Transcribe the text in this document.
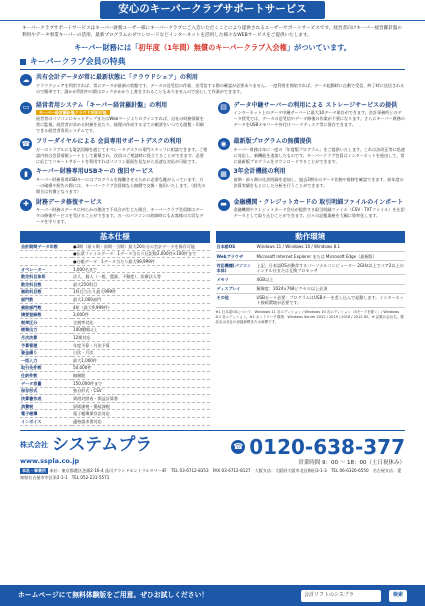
安心のキーパークラブサポートサービス
キーパークラブサポートサービスはキーパー財務ユーザー様にキーパークラブにご入会いただくことにより提供されるユーザーサポートサービスです。経営者向けキーパー経営羅針盤の利用やデータ事業キーパーの活用、最新プログラムのダウンロードなどインターネットを活用した様々なWEBサービスをご提供いたします。
キーパー財務には「初年度（1年間）無償のキーパークラブ入会権」がついています。
キーパークラブ会員の特典
☁	共有会計データが常に最新状態に「クラウドシェア」の利用
クラウドシェアを利用すれば、常にデータが最新の状態です。データの送受信の作業、送受信する際の確認が必要ありません。一度利用を開始すれば、データ起動時に自動で受信、終了時に送信されるので簡単です。誰かが利用中の際はロックがかかり上書きされることもありませんので安心して作業ができます。
▭	経営者用システム「キーパー経営羅針盤」の利用
キーパー経営羅針盤クラウド利用可能
経営者のパソコンにセットアップまたはWebページよりログインすれば、自社の財務情報を常に監視。経営者が求める財務を見たり、経理の作成する全ての帳票をいつでも閲覧・印刷できる経営者専用システムです。
▤	データ中継サーバーの利用による ストレージサービスの提供
インターネット上のデータ中継サーバーに最大10データ保存ができます。会計事務所とのデータ授受では、データの送受信やデータ修復の作業が不要になります。さらにキーパー財務のデータをUSBメモリーや外付けハードディスク等に保存できます。
☎ フリーダイヤルによる 会員専用サポートデスクの利用
万一のトラブルにも電話回線を通じてオペレータデスクの専門スタッフに相談できます。ご相談内容は会員情報シートとして蓄積され、次回のご相談時に役立てることができます。必要に応じてリモートサポートを利用すればパソコン画面を見ながら迅速な対応が可能です。
◉	最新版プログラムの無償提供
キーパー財務は年に一度の「年度版プログラム」をご提供いたします。これは法改正等に迅速に対応し、新機能を追加したものです。キーパークラブ会員はインターネットを経由して、常に最新版プログラムをダウンロードすることができます。
▮	キーパー財務専用USBキーの 復旧サービス
キーパー財務専用USBキーにはプログラムを稼働させるために必要な鍵が入っています。万一の破損や紛失の際には、キーパークラブ会員様なら無償で交換・復旧いたします。（紛失の場合は有償となります）
▦	3年会計機能の利用
前期・前々期の仕訳明細を追加し、過去3期分のデータ比較や推移を確認できます。前年度の決算実績をもとにした分析を行うことができます。
✚	財務データ修復サービス
キーパー財務のデータに何らかの理由で不具合が生じた場合、キーパークラブ会員様はデータの修復サービスを受けることができます。万一のパソコンの故障時にもお客様の大切なデータを守ります。
▬	金融機関・クレジットカードの 取引明細ファイルのインポート
金融機関やクレジットカード会社が提供する取引明細ファイル（CSV・TXTファイル）を仕訳データとして取り込むことができます。日々の記帳業務を大幅に効率化します。
基本仕様	動作環境
会計期間データ年数	●3期（前々期・前期・当期）最大20年分の会計データを保存可能
	●伝票ファイルデータ：1データ当たり仕訳数2,000件×100件まで
	●台帳データ：1データ当たり最大99,999件
オペレーター	1,000名まで
勘定科目体系	法人、個人（一般、農業、不動産）、医療法人等
勘定科目数	最大250科目
補助科目数	1科目当たり最大999件
部門数	最大1,000部門
補助部門数	4桁（最大9,999件）
摘要登録数	3,000件
税率区分	全税率対応
帳票出力	100種類以上
月次決算	12期対応
予算管理	年度予算・月次予算
資金繰り	日次・月次
一括入力	最大1,000件
取引先件数	50,000件
仕訳件数	無制限
データ容量	150,000件まで
保存形式	独自形式・CSV
決算書作成	貸借対照表・損益計算書
消費税	原則課税・簡易課税
電子帳簿	電子帳簿保存法対応
インボイス	適格請求書対応
日本語OS	Windows 11 / Windows 10 / Windows 8.1
Webブラウザ	Microsoft Internet Explorer または Microsoft Edge（最新版）
対応機種(パソコン本体)	上記、日本語OSが動作するパーソナルコンピューター 2GHz以上でコア2以上のインテル社または互換プロセッサ
メモリ	4GB以上
ディスプレイ	解像度：1024×768ピクセル以上必須
その他	USBポート必要：プログラムはUSBキーを差し込んで起動します。インターネット接続環境が必要です。
※1 日本語OSについて：Windows 11 各エディション / Windows 10 各エディション（Sモードを除く）/ Windows 8.1 各エディション。※2 ネットワーク環境：Windows Server 2022 / 2019 / 2016 / 2012 R2。※ 記載の会社名、製品名は各社の登録商標または商標です。
株式会社 システムプラ
www.sspla.co.jp
☎ 0120-638-377
営業時間 9：00 ～ 18：00（土日祝休み）
本社・事業所 本社：東京都港区芝浦2-16-4 品川グランドセントラルタワー4F　TEL 03-6712-8353　FAX 03-6712-8127　大阪支店：大阪府大阪市北区梅田3-1-3　TEL 06-6320-6550　名古屋支店：愛知県名古屋市中区栄2-1-1　TEL 052-231-5571
ホームページにて無料体験版をご用意。ぜひお試しください！	会計ソフトのシスプラ	検索
